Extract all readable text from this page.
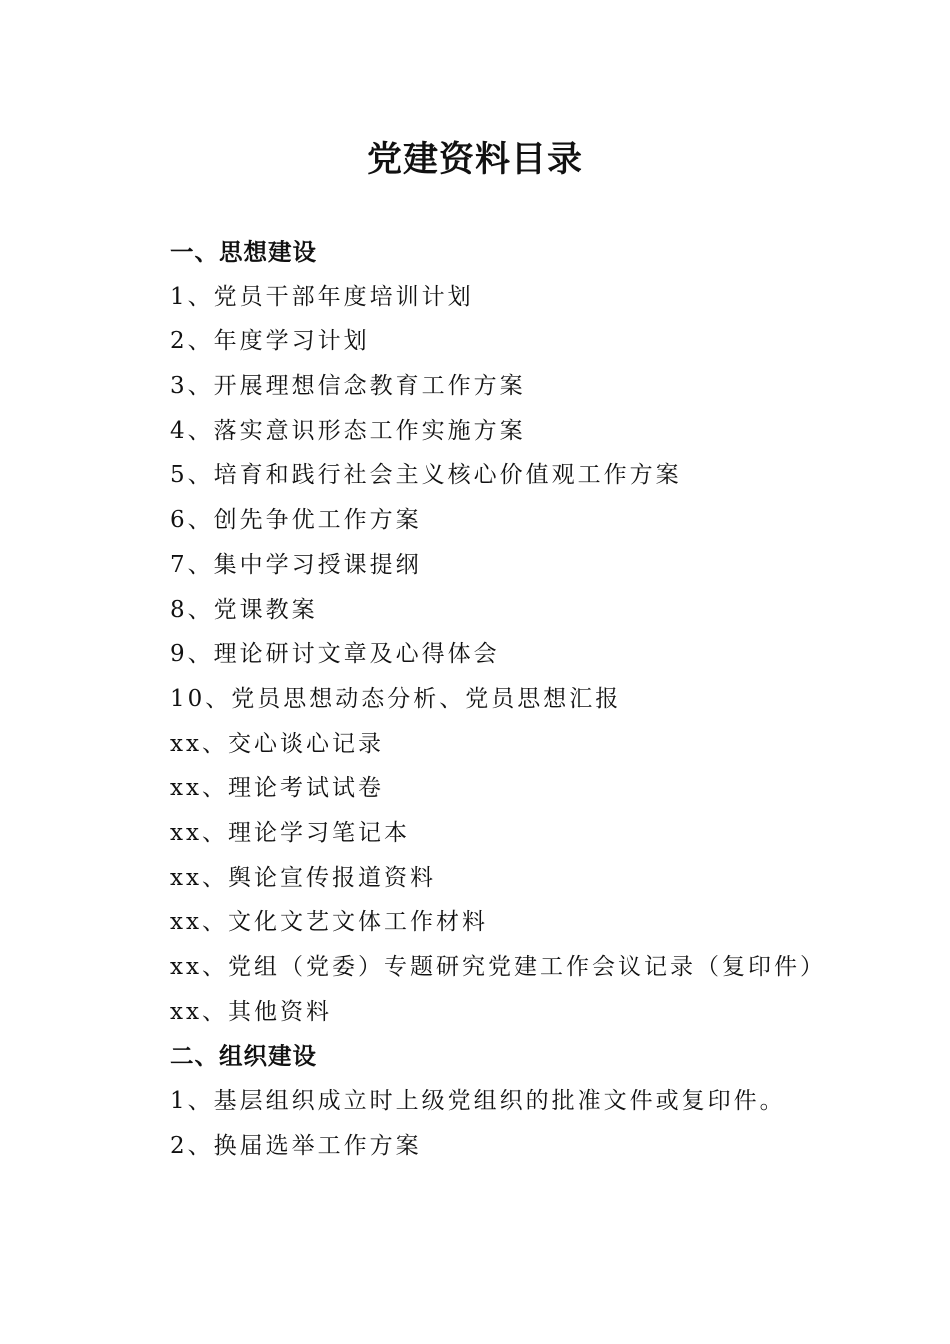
党建资料目录
一、思想建设
1、党员干部年度培训计划
2、年度学习计划
3、开展理想信念教育工作方案
4、落实意识形态工作实施方案
5、培育和践行社会主义核心价值观工作方案
6、创先争优工作方案
7、集中学习授课提纲
8、党课教案
9、理论研讨文章及心得体会
10、党员思想动态分析、党员思想汇报
xx、交心谈心记录
xx、理论考试试卷
xx、理论学习笔记本
xx、舆论宣传报道资料
xx、文化文艺文体工作材料
xx、党组（党委）专题研究党建工作会议记录（复印件）
xx、其他资料
二、组织建设
1、基层组织成立时上级党组织的批准文件或复印件。
2、换届选举工作方案
